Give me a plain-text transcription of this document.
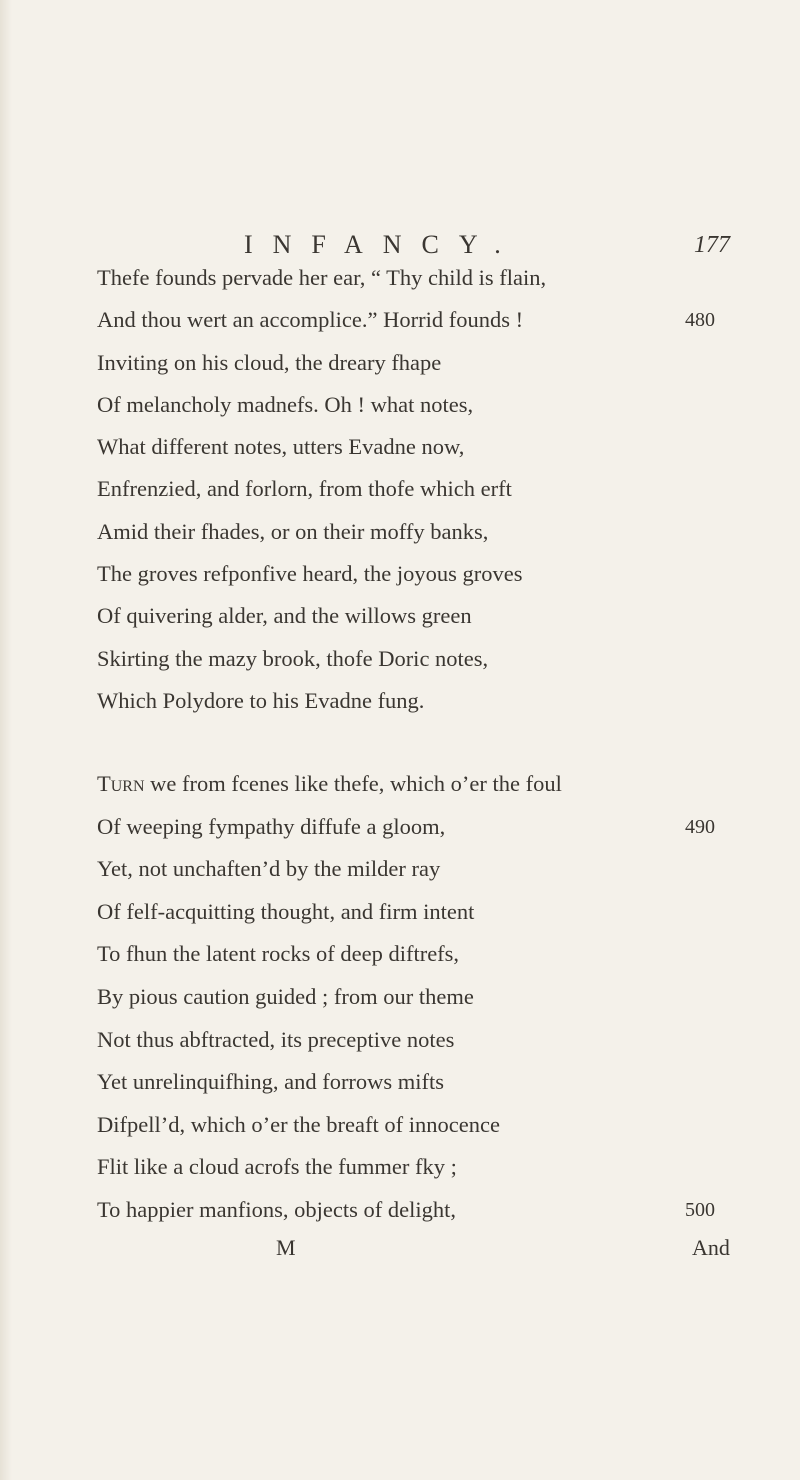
INFANCY.	177
Thefe founds pervade her ear, “ Thy child is flain,
And thou wert an accomplice.” Horrid founds !	480
Inviting on his cloud, the dreary fhape
Of melancholy madnefs. Oh ! what notes,
What different notes, utters Evadne now,
Enfrenzied, and forlorn, from thofe which erft
Amid their fhades, or on their moffy banks,
The groves refponfive heard, the joyous groves
Of quivering alder, and the willows green
Skirting the mazy brook, thofe Doric notes,
Which Polydore to his Evadne fung.
Turn we from fcenes like thefe, which o’er the foul
Of weeping fympathy diffufe a gloom,	490
Yet, not unchaften’d by the milder ray
Of felf-acquitting thought, and firm intent
To fhun the latent rocks of deep diftrefs,
By pious caution guided ; from our theme
Not thus abftracted, its preceptive notes
Yet unrelinquifhing, and forrows mifts
Difpell’d, which o’er the breaft of innocence
Flit like a cloud acrofs the fummer fky ;
To happier manfions, objects of delight,	500
M	And
